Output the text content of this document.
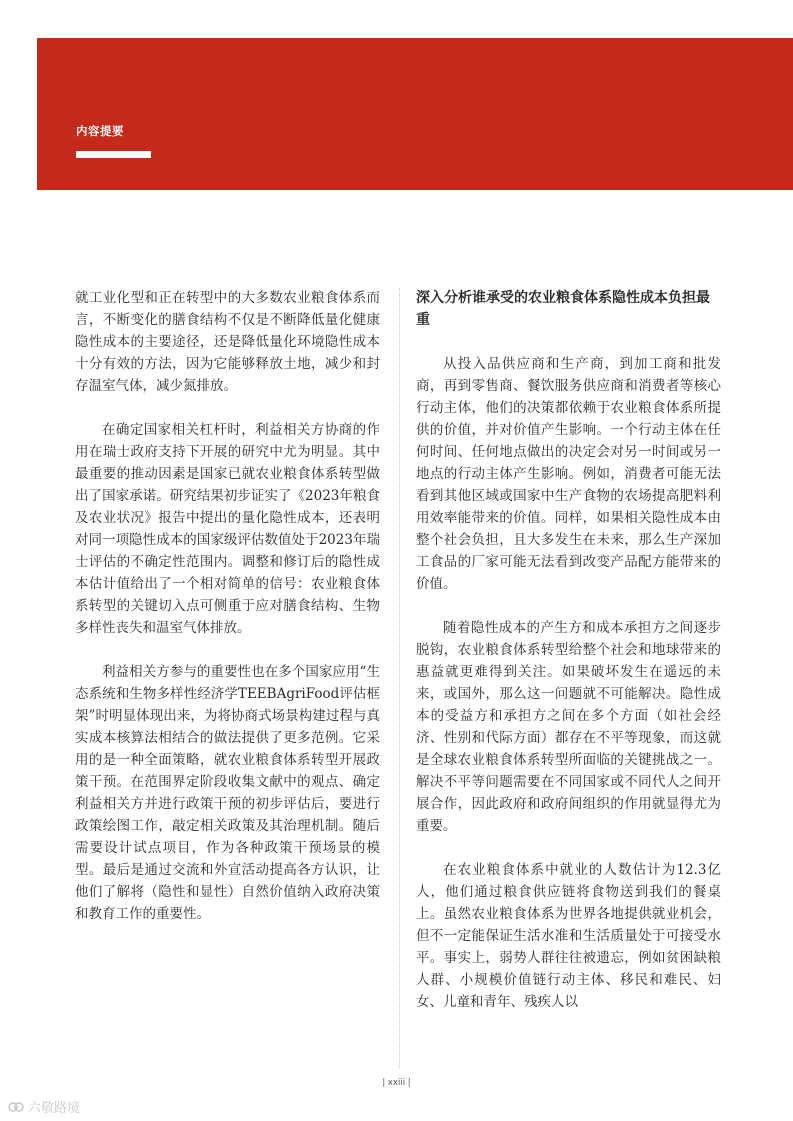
内容提要

就工业化型和正在转型中的大多数农业粮食体系而言，不断变化的膳食结构不仅是不断降低量化健康隐性成本的主要途径，还是降低量化环境隐性成本十分有效的方法，因为它能够释放土地，减少和封存温室气体，减少氮排放。

在确定国家相关杠杆时，利益相关方协商的作用在瑞士政府支持下开展的研究中尤为明显。其中最重要的推动因素是国家已就农业粮食体系转型做出了国家承诺。研究结果初步证实了《2023年粮食及农业状况》报告中提出的量化隐性成本，还表明对同一项隐性成本的国家级评估数值处于2023年瑞士评估的不确定性范围内。调整和修订后的隐性成本估计值给出了一个相对简单的信号：农业粮食体系转型的关键切入点可侧重于应对膳食结构、生物多样性丧失和温室气体排放。

利益相关方参与的重要性也在多个国家应用“生态系统和生物多样性经济学TEEBAgriFood评估框架”时明显体现出来，为将协商式场景构建过程与真实成本核算法相结合的做法提供了更多范例。它采用的是一种全面策略，就农业粮食体系转型开展政策干预。在范围界定阶段收集文献中的观点、确定利益相关方并进行政策干预的初步评估后，要进行政策绘图工作，敲定相关政策及其治理机制。随后需要设计试点项目，作为各种政策干预场景的模型。最后是通过交流和外宣活动提高各方认识，让他们了解将（隐性和显性）自然价值纳入政府决策和教育工作的重要性。

深入分析谁承受的农业粮食体系隐性成本负担最重

从投入品供应商和生产商，到加工商和批发商，再到零售商、餐饮服务供应商和消费者等核心行动主体，他们的决策都依赖于农业粮食体系所提供的价值，并对价值产生影响。一个行动主体在任何时间、任何地点做出的决定会对另一时间或另一地点的行动主体产生影响。例如，消费者可能无法看到其他区域或国家中生产食物的农场提高肥料利用效率能带来的价值。同样，如果相关隐性成本由整个社会负担，且大多发生在未来，那么生产深加工食品的厂家可能无法看到改变产品配方能带来的价值。

随着隐性成本的产生方和成本承担方之间逐步脱钩，农业粮食体系转型给整个社会和地球带来的惠益就更难得到关注。如果破坏发生在遥远的未来，或国外，那么这一问题就不可能解决。隐性成本的受益方和承担方之间在多个方面（如社会经济、性别和代际方面）都存在不平等现象，而这就是全球农业粮食体系转型所面临的关键挑战之一。解决不平等问题需要在不同国家或不同代人之间开展合作，因此政府和政府间组织的作用就显得尤为重要。

在农业粮食体系中就业的人数估计为12.3亿人，他们通过粮食供应链将食物送到我们的餐桌上。虽然农业粮食体系为世界各地提供就业机会，但不一定能保证生活水准和生活质量处于可接受水平。事实上，弱势人群往往被遗忘，例如贫困缺粮人群、小规模价值链行动主体、移民和难民、妇女、儿童和青年、残疾人以

| xxiii |
六敬路境
